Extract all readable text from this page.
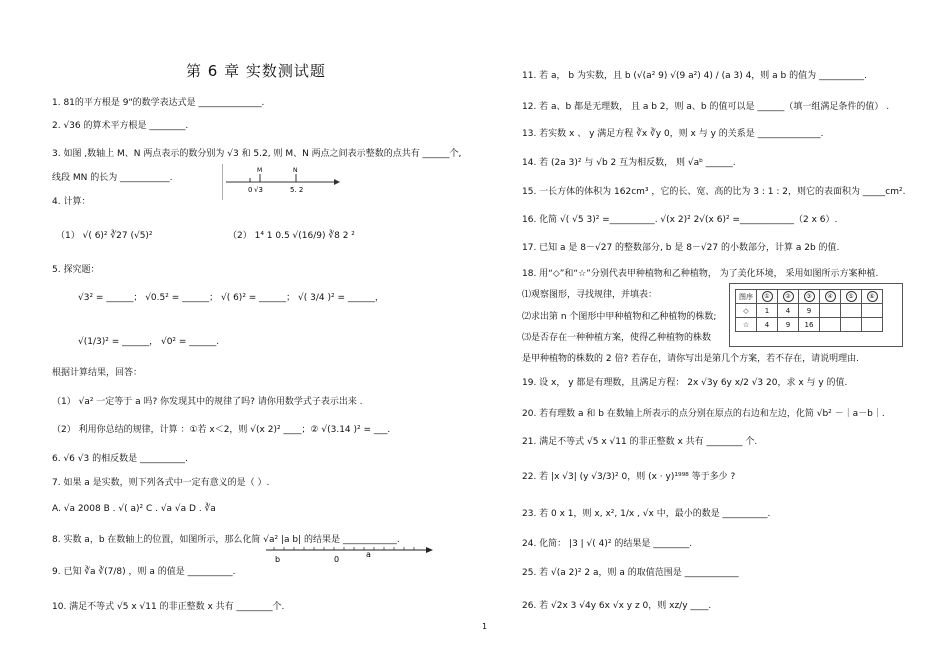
第 6 章 实数测试题
1. 81的平方根是 9"的数学表达式是 ______________.
2. √36 的算术平方根是 ________.
3. 如图 ,数轴上 M、N 两点表示的数分别为 √3 和 5.2, 则 M、N 两点之间表示整数的点共有 ______个,
线段 MN 的长为 ___________.
M	N
0 √3	5. 2
4. 计算：
（1） √( 6)² ∛27 (√5)²	（2） 1⁴ 1 0.5 √(16/9) ∛8 2 ²
5. 探究题：
√3² = ______； √0.5² = ______； √( 6)² = ______； √( 3/4 )² = ______，
√(1/3)² = ______， √0² = ______.
根据计算结果，回答：
（1） √a² 一定等于 a 吗? 你发现其中的规律了吗? 请你用数学式子表示出来 .
（2） 利用你总结的规律，计算 ：①若 x＜2，则 √(x 2)² ____；② √(3.14 )² = ___.
6. √6 √3 的相反数是 __________.
7. 如果 a 是实数，则下列各式中一定有意义的是（ ）.
A. √a 2008 B . √( a)² C . √a √a D . ∛a
8. 实数 a，b 在数轴上的位置，如图所示，那么化简 √a² |a b| 的结果是 ____________.
b	0
a
9. 已知 ∛a ∛(7/8) ，则 a 的值是 __________.
10. 满足不等式 √5 x √11 的非正整数 x 共有 ________个.
11. 若 a， b 为实数，且 b (√(a² 9) √(9 a²) 4) / (a 3) 4，则 a b 的值为 __________.
12. 若 a、b 都是无理数， 且 a b 2，则 a、b 的值可以是 ______（填一组满足条件的值） .
13. 若实数 x 、 y 满足方程 ∛x ∛y 0，则 x 与 y 的关系是 ______________.
14. 若 (2a 3)² 与 √b 2 互为相反数， 则 √aᵇ ______.
15. 一长方体的体积为 162cm³ ，它的长、宽、高的比为 3 : 1 : 2，则它的表面积为 _____cm².
16. 化简 √( √5 3)² =__________. √(x 2)² 2√(x 6)² =____________（2 x 6）.
17. 已知 a 是 8－√27 的整数部分, b 是 8－√27 的小数部分，计算 a 2b 的值.
18. 用“◇”和“☆”分别代表甲种植物和乙种植物， 为了美化环境， 采用如图所示方案种植.
⑴观察图形，寻找规律，并填表：
⑵求出第 n 个图形中甲种植物和乙种植物的株数;
⑶是否存在一种种植方案，使得乙种植物的株数
是甲种植物的株数的 2 倍? 若存在，请你写出是第几个方案，若不存在，请说明理由.
图序	①	②	③	④	⑤	⑥
◇	1	4	9			
☆	4	9	16			
19. 设 x， y 都是有理数，且满足方程： 2x √3y 6y x/2 √3 20，求 x 与 y 的值.
20. 若有理数 a 和 b 在数轴上所表示的点分别在原点的右边和左边，化简 √b² －｜a－b｜.
21. 满足不等式 √5 x √11 的非正整数 x 共有 ________ 个.
22. 若 |x √3| (y √3/3)² 0，则 (x · y)¹⁹⁹⁸ 等于多少 ?
23. 若 0 x 1，则 x, x², 1/x , √x 中，最小的数是 __________.
24. 化简： |3 | √( 4)² 的结果是 ________.
25. 若 √(a 2)² 2 a，则 a 的取值范围是 ____________
26. 若 √2x 3 √4y 6x √x y z 0，则 xz/y ____.
1
